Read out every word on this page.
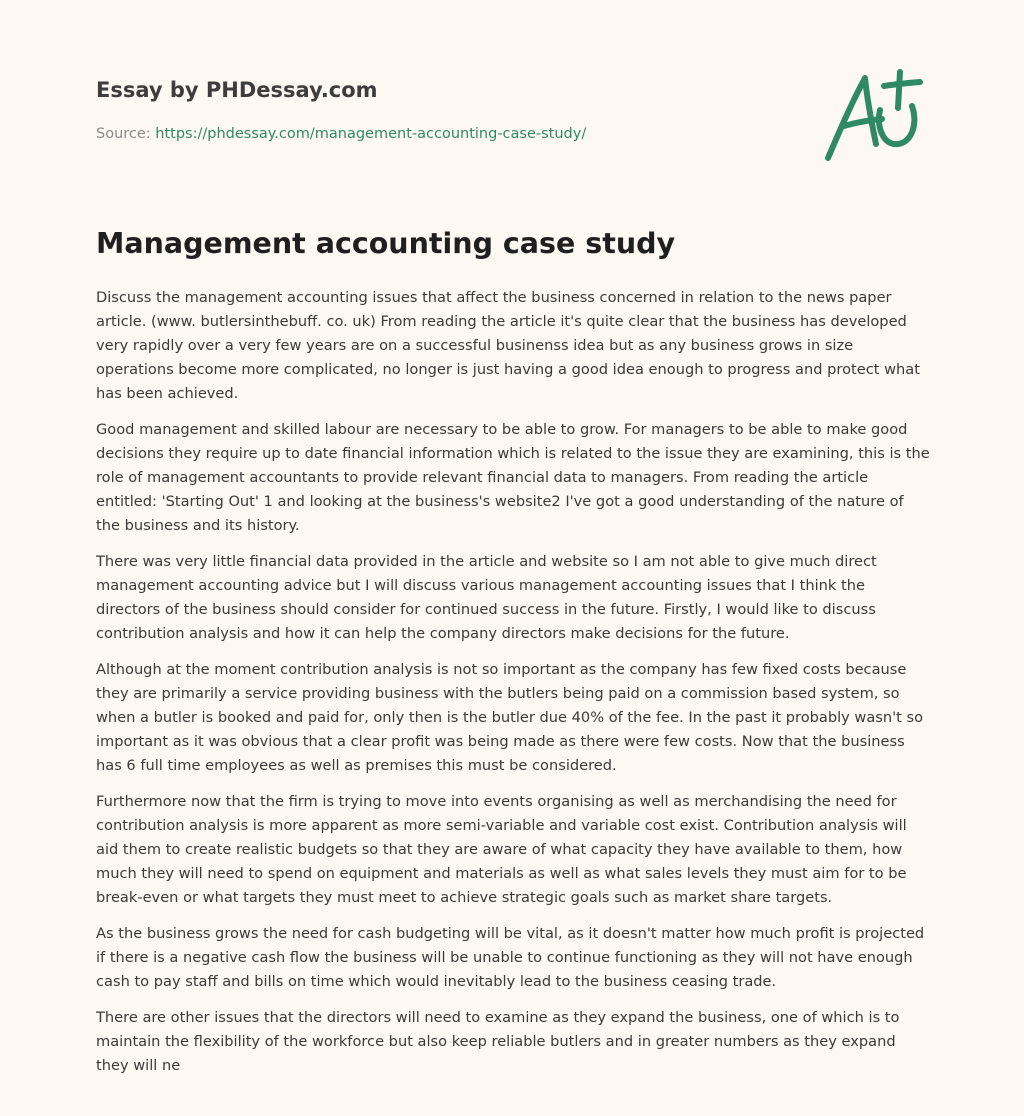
Essay by PHDessay.com
Source: https://phdessay.com/management-accounting-case-study/
Management accounting case study

Discuss the management accounting issues that affect the business concerned in relation to the news paper article. (www. butlersinthebuff. co. uk) From reading the article it's quite clear that the business has developed very rapidly over a very few years are on a successful businenss idea but as any business grows in size operations become more complicated, no longer is just having a good idea enough to progress and protect what has been achieved.

Good management and skilled labour are necessary to be able to grow. For managers to be able to make good decisions they require up to date financial information which is related to the issue they are examining, this is the role of management accountants to provide relevant financial data to managers. From reading the article entitled: 'Starting Out' 1 and looking at the business's website2 I've got a good understanding of the nature of the business and its history.

There was very little financial data provided in the article and website so I am not able to give much direct management accounting advice but I will discuss various management accounting issues that I think the directors of the business should consider for continued success in the future. Firstly, I would like to discuss contribution analysis and how it can help the company directors make decisions for the future.

Although at the moment contribution analysis is not so important as the company has few fixed costs because they are primarily a service providing business with the butlers being paid on a commission based system, so when a butler is booked and paid for, only then is the butler due 40% of the fee. In the past it probably wasn't so important as it was obvious that a clear profit was being made as there were few costs. Now that the business has 6 full time employees as well as premises this must be considered.

Furthermore now that the firm is trying to move into events organising as well as merchandising the need for contribution analysis is more apparent as more semi-variable and variable cost exist. Contribution analysis will aid them to create realistic budgets so that they are aware of what capacity they have available to them, how much they will need to spend on equipment and materials as well as what sales levels they must aim for to be break-even or what targets they must meet to achieve strategic goals such as market share targets.

As the business grows the need for cash budgeting will be vital, as it doesn't matter how much profit is projected if there is a negative cash flow the business will be unable to continue functioning as they will not have enough cash to pay staff and bills on time which would inevitably lead to the business ceasing trade.

There are other issues that the directors will need to examine as they expand the business, one of which is to maintain the flexibility of the workforce but also keep reliable butlers and in greater numbers as they expand they will ne
